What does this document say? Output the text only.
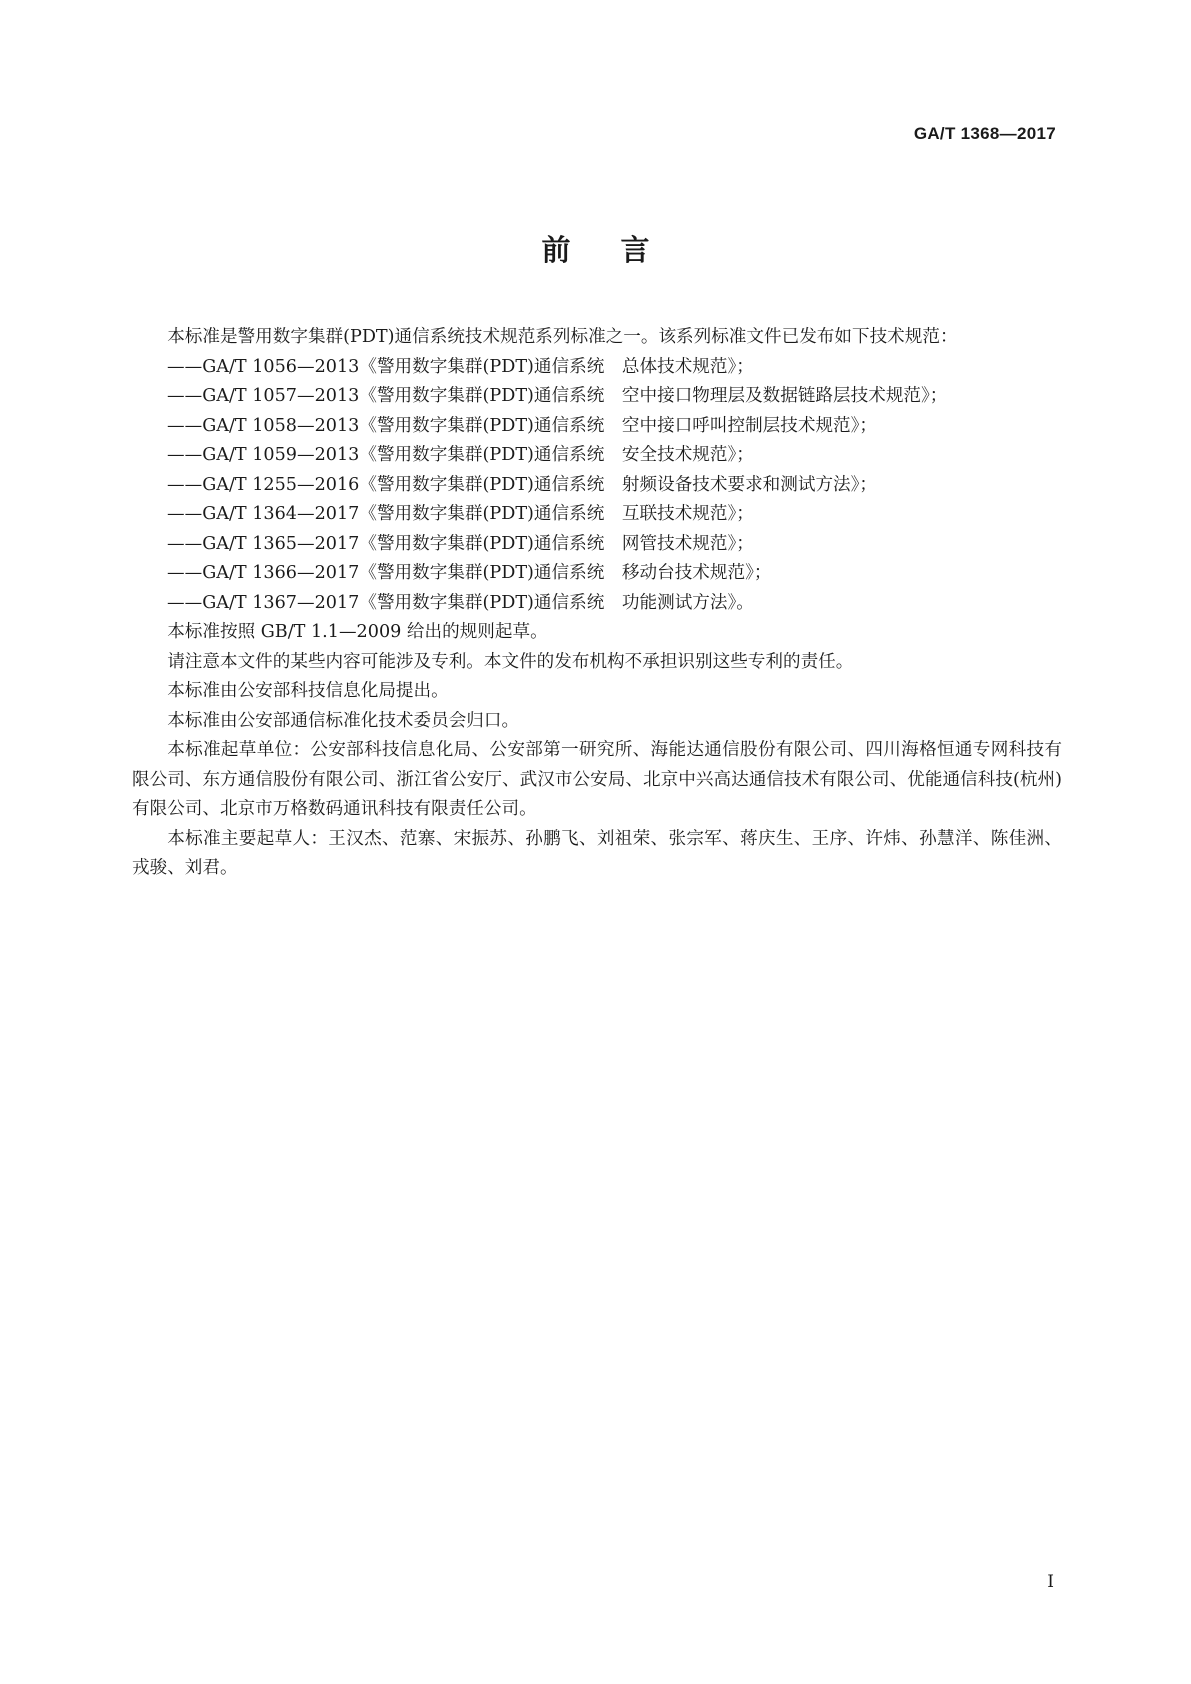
GA/T 1368—2017
前言

本标准是警用数字集群(PDT)通信系统技术规范系列标准之一。该系列标准文件已发布如下技术规范：

——GA/T 1056—2013《警用数字集群(PDT)通信系统 总体技术规范》；
——GA/T 1057—2013《警用数字集群(PDT)通信系统 空中接口物理层及数据链路层技术规范》；
——GA/T 1058—2013《警用数字集群(PDT)通信系统 空中接口呼叫控制层技术规范》；
——GA/T 1059—2013《警用数字集群(PDT)通信系统 安全技术规范》；
——GA/T 1255—2016《警用数字集群(PDT)通信系统 射频设备技术要求和测试方法》；
——GA/T 1364—2017《警用数字集群(PDT)通信系统 互联技术规范》；
——GA/T 1365—2017《警用数字集群(PDT)通信系统 网管技术规范》；
——GA/T 1366—2017《警用数字集群(PDT)通信系统 移动台技术规范》；
——GA/T 1367—2017《警用数字集群(PDT)通信系统 功能测试方法》。

本标准按照 GB/T 1.1—2009 给出的规则起草。

请注意本文件的某些内容可能涉及专利。本文件的发布机构不承担识别这些专利的责任。

本标准由公安部科技信息化局提出。

本标准由公安部通信标准化技术委员会归口。

本标准起草单位：公安部科技信息化局、公安部第一研究所、海能达通信股份有限公司、四川海格恒通专网科技有限公司、东方通信股份有限公司、浙江省公安厅、武汉市公安局、北京中兴高达通信技术有限公司、优能通信科技(杭州)有限公司、北京市万格数码通讯科技有限责任公司。

本标准主要起草人：王汉杰、范寨、宋振苏、孙鹏飞、刘祖荣、张宗军、蒋庆生、王序、许炜、孙慧洋、陈佳洲、戎骏、刘君。

I
